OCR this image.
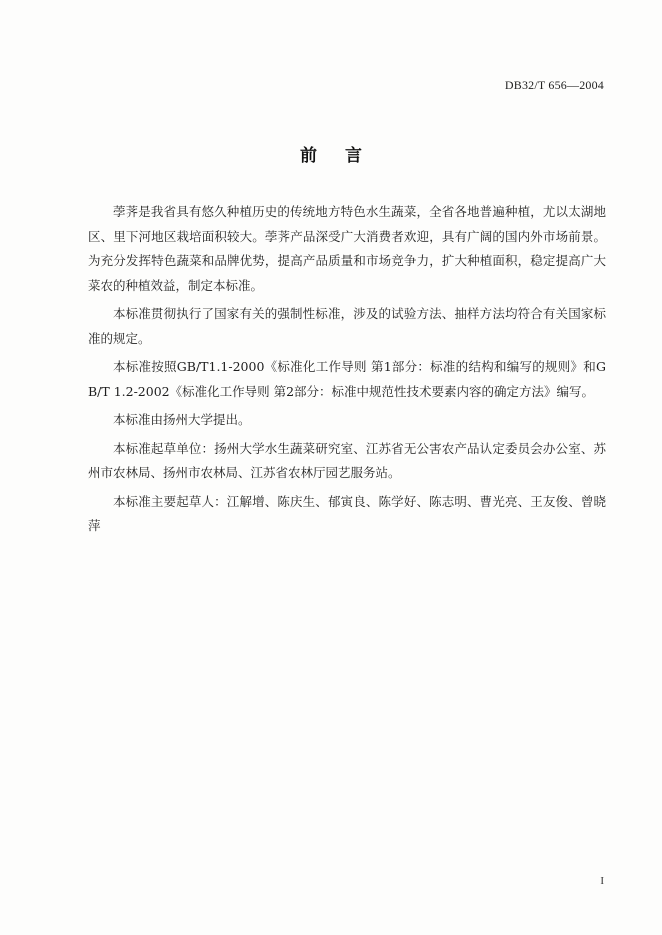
DB32/T 656—2004
前言

荸荠是我省具有悠久种植历史的传统地方特色水生蔬菜，全省各地普遍种植，尤以太湖地区、里下河地区栽培面积较大。荸荠产品深受广大消费者欢迎，具有广阔的国内外市场前景。为充分发挥特色蔬菜和品牌优势，提高产品质量和市场竞争力，扩大种植面积，稳定提高广大菜农的种植效益，制定本标准。

本标准贯彻执行了国家有关的强制性标准，涉及的试验方法、抽样方法均符合有关国家标准的规定。

本标准按照GB/T1.1-2000《标准化工作导则 第1部分：标准的结构和编写的规则》和GB/T 1.2-2002《标准化工作导则 第2部分：标准中规范性技术要素内容的确定方法》编写。

本标准由扬州大学提出。

本标准起草单位：扬州大学水生蔬菜研究室、江苏省无公害农产品认定委员会办公室、苏州市农林局、扬州市农林局、江苏省农林厅园艺服务站。

本标准主要起草人：江解增、陈庆生、郁寅良、陈学好、陈志明、曹光亮、王友俊、曾晓萍

I
